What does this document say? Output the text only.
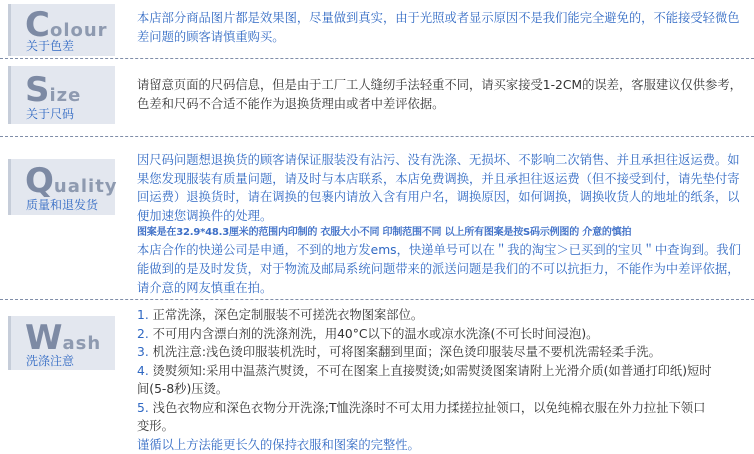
Colour
关于色差

本店部分商品图片都是效果图，尽量做到真实，由于光照或者显示原因不是我们能完全避免的，不能接受轻微色差问题的顾客请慎重购买。

Size
关于尺码

请留意页面的尺码信息，但是由于工厂工人缝纫手法轻重不同，请买家接受1-2CM的误差，客服建议仅供参考，色差和尺码不合适不能作为退换货理由或者中差评依据。

Quality
质量和退发货

因尺码问题想退换货的顾客请保证服装没有沾污、没有洗涤、无损坏、不影响二次销售、并且承担往返运费。如果您发现服装有质量问题，请及时与本店联系，本店免费调换，并且承担往返运费（但不接受到付，请先垫付寄回运费）退换货时，请在调换的包裹内请放入含有用户名，调换原因，如何调换，调换收货人的地址的纸条，以便加速您调换件的处理。

图案是在32.9*48.3厘米的范围内印制的 衣服大小不同 印制范围不同 以上所有图案是按S码示例图的 介意的慎拍

本店合作的快递公司是申通，不到的地方发ems，快递单号可以在＂我的淘宝＞已买到的宝贝＂中查询到。我们能做到的是及时发货，对于物流及邮局系统问题带来的派送问题是我们的不可以抗拒力，不能作为中差评依据，请介意的网友慎重在拍。

Wash
洗涤注意

1. 正常洗涤，深色定制服装不可搓洗衣物图案部位。

2. 不可用内含漂白剂的洗涤剂洗，用40°C以下的温水或凉水洗涤(不可长时间浸泡)。

3. 机洗注意:浅色烫印服装机洗时，可将图案翻到里面；深色烫印服装尽量不要机洗需轻柔手洗。

4. 烫熨须知:采用中温蒸汽熨烫，不可在图案上直接熨烫;如需熨烫图案请附上光滑介质(如普通打印纸)短时间(5-8秒)压烫。

5. 浅色衣物应和深色衣物分开洗涤;T恤洗涤时不可太用力揉搓拉扯领口，以免纯棉衣服在外力拉扯下领口变形。

谨循以上方法能更长久的保持衣服和图案的完整性。
